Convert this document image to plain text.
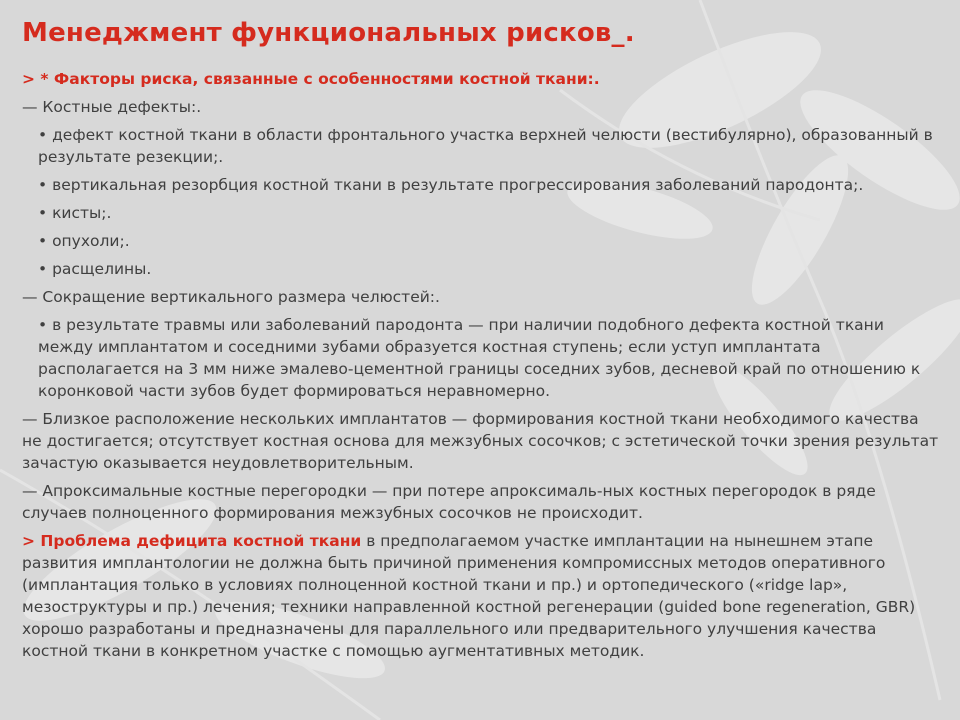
Менеджмент функциональных рисков_.
> * Факторы риска, связанные с особенностями костной ткани:.
— Костные дефекты:.
• дефект костной ткани в области фронтального участка верхней челюсти (вестибулярно), образованный в результате резекции;.
• вертикальная резорбция костной ткани в результате прогрессирования заболеваний пародонта;.
• кисты;.
• опухоли;.
• расщелины.
— Сокращение вертикального размера челюстей:.
• в результате травмы или заболеваний пародонта — при наличии подобного дефекта костной ткани между имплантатом и соседними зубами образуется костная ступень; если уступ имплантата располагается на 3 мм ниже эмалево-цементной границы соседних зубов, десневой край по отношению к коронковой части зубов будет формироваться неравномерно.
— Близкое расположение нескольких имплантатов — формирования костной ткани необходимого качества не достигается; отсутствует костная основа для межзубных сосочков; с эстетической точки зрения результат зачастую оказывается неудовлетворительным.
— Апроксимальные костные перегородки — при потере апроксималь-ных костных перегородок в ряде случаев полноценного формирования межзубных сосочков не происходит.
> Проблема дефицита костной ткани в предполагаемом участке имплантации на нынешнем этапе развития имплантологии не должна быть причиной применения компромиссных методов оперативного (имплантация только в условиях полноценной костной ткани и пр.) и ортопедического («ridge lap», мезоструктуры и пр.) лечения; техники направленной костной регенерации (guided bone regeneration, GBR) хорошо разработаны и предназначены для параллельного или предварительного улучшения качества костной ткани в конкретном участке с помощью аугментативных методик.
